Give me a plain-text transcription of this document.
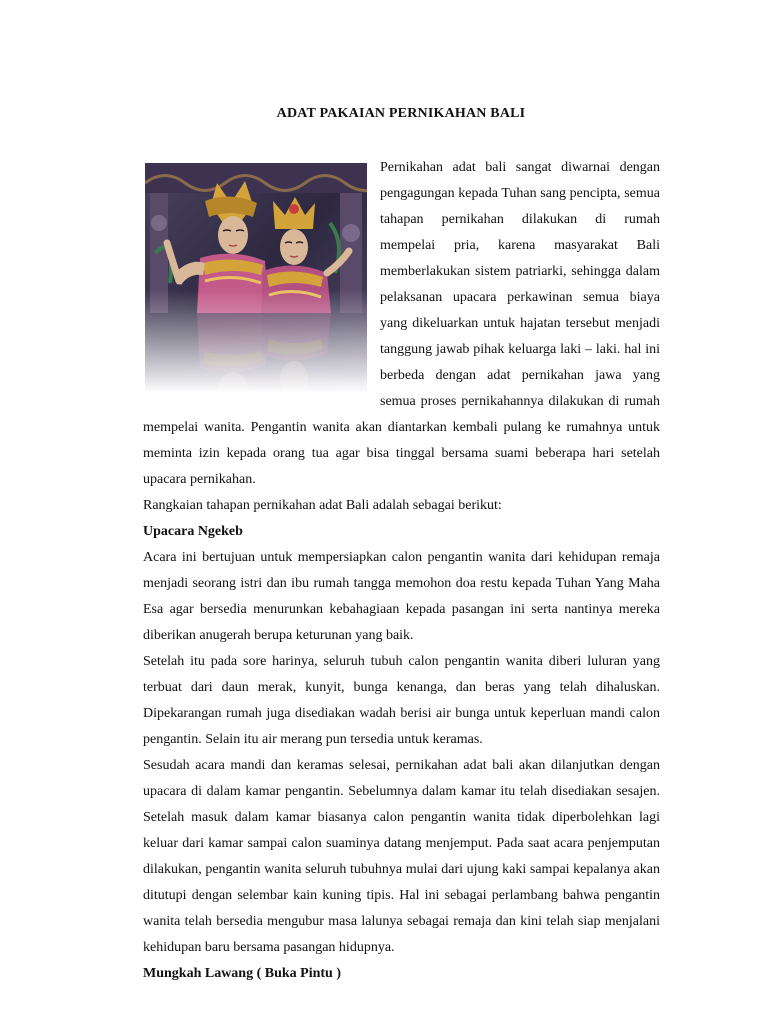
ADAT PAKAIAN PERNIKAHAN BALI

Pernikahan adat bali sangat diwarnai dengan pengagungan kepada Tuhan sang pencipta, semua tahapan pernikahan dilakukan di rumah mempelai pria, karena masyarakat Bali memberlakukan sistem patriarki, sehingga dalam pelaksanan upacara perkawinan semua biaya yang dikeluarkan untuk hajatan tersebut menjadi tanggung jawab pihak keluarga laki – laki. hal ini berbeda dengan adat pernikahan jawa yang semua proses pernikahannya dilakukan di rumah mempelai wanita. Pengantin wanita akan diantarkan kembali pulang ke rumahnya untuk meminta izin kepada orang tua agar bisa tinggal bersama suami beberapa hari setelah upacara pernikahan.

Rangkaian tahapan pernikahan adat Bali adalah sebagai berikut:

Upacara Ngekeb

Acara ini bertujuan untuk mempersiapkan calon pengantin wanita dari kehidupan remaja menjadi seorang istri dan ibu rumah tangga memohon doa restu kepada Tuhan Yang Maha Esa agar bersedia menurunkan kebahagiaan kepada pasangan ini serta nantinya mereka diberikan anugerah berupa keturunan yang baik.

Setelah itu pada sore harinya, seluruh tubuh calon pengantin wanita diberi luluran yang terbuat dari daun merak, kunyit, bunga kenanga, dan beras yang telah dihaluskan. Dipekarangan rumah juga disediakan wadah berisi air bunga untuk keperluan mandi calon pengantin. Selain itu air merang pun tersedia untuk keramas.

Sesudah acara mandi dan keramas selesai, pernikahan adat bali akan dilanjutkan dengan upacara di dalam kamar pengantin. Sebelumnya dalam kamar itu telah disediakan sesajen. Setelah masuk dalam kamar biasanya calon pengantin wanita tidak diperbolehkan lagi keluar dari kamar sampai calon suaminya datang menjemput. Pada saat acara penjemputan dilakukan, pengantin wanita seluruh tubuhnya mulai dari ujung kaki sampai kepalanya akan ditutupi dengan selembar kain kuning tipis. Hal ini sebagai perlambang bahwa pengantin wanita telah bersedia mengubur masa lalunya sebagai remaja dan kini telah siap menjalani kehidupan baru bersama pasangan hidupnya.

Mungkah Lawang ( Buka Pintu )
